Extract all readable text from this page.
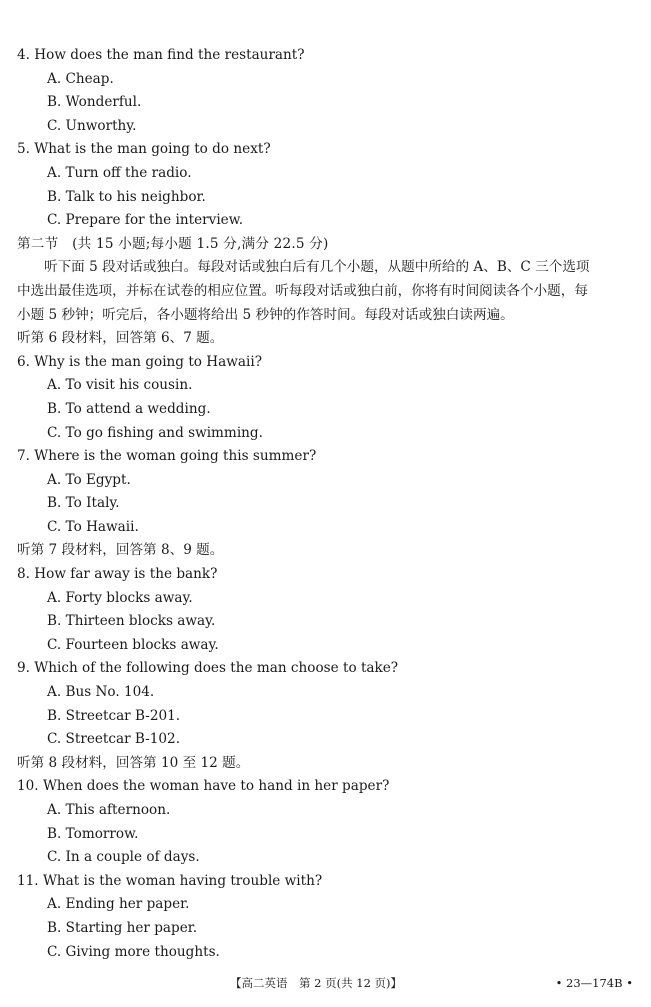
4. How does the man find the restaurant?
A. Cheap.
B. Wonderful.
C. Unworthy.
5. What is the man going to do next?
A. Turn off the radio.
B. Talk to his neighbor.
C. Prepare for the interview.
第二节　(共 15 小题;每小题 1.5 分,满分 22.5 分)
听下面 5 段对话或独白。每段对话或独白后有几个小题，从题中所给的 A、B、C 三个选项
中选出最佳选项，并标在试卷的相应位置。听每段对话或独白前，你将有时间阅读各个小题，每
小题 5 秒钟；听完后，各小题将给出 5 秒钟的作答时间。每段对话或独白读两遍。
听第 6 段材料，回答第 6、7 题。
6. Why is the man going to Hawaii?
A. To visit his cousin.
B. To attend a wedding.
C. To go fishing and swimming.
7. Where is the woman going this summer?
A. To Egypt.
B. To Italy.
C. To Hawaii.
听第 7 段材料，回答第 8、9 题。
8. How far away is the bank?
A. Forty blocks away.
B. Thirteen blocks away.
C. Fourteen blocks away.
9. Which of the following does the man choose to take?
A. Bus No. 104.
B. Streetcar B-201.
C. Streetcar B-102.
听第 8 段材料，回答第 10 至 12 题。
10. When does the woman have to hand in her paper?
A. This afternoon.
B. Tomorrow.
C. In a couple of days.
11. What is the woman having trouble with?
A. Ending her paper.
B. Starting her paper.
C. Giving more thoughts.
【高二英语　第 2 页(共 12 页)】	• 23—174B •
